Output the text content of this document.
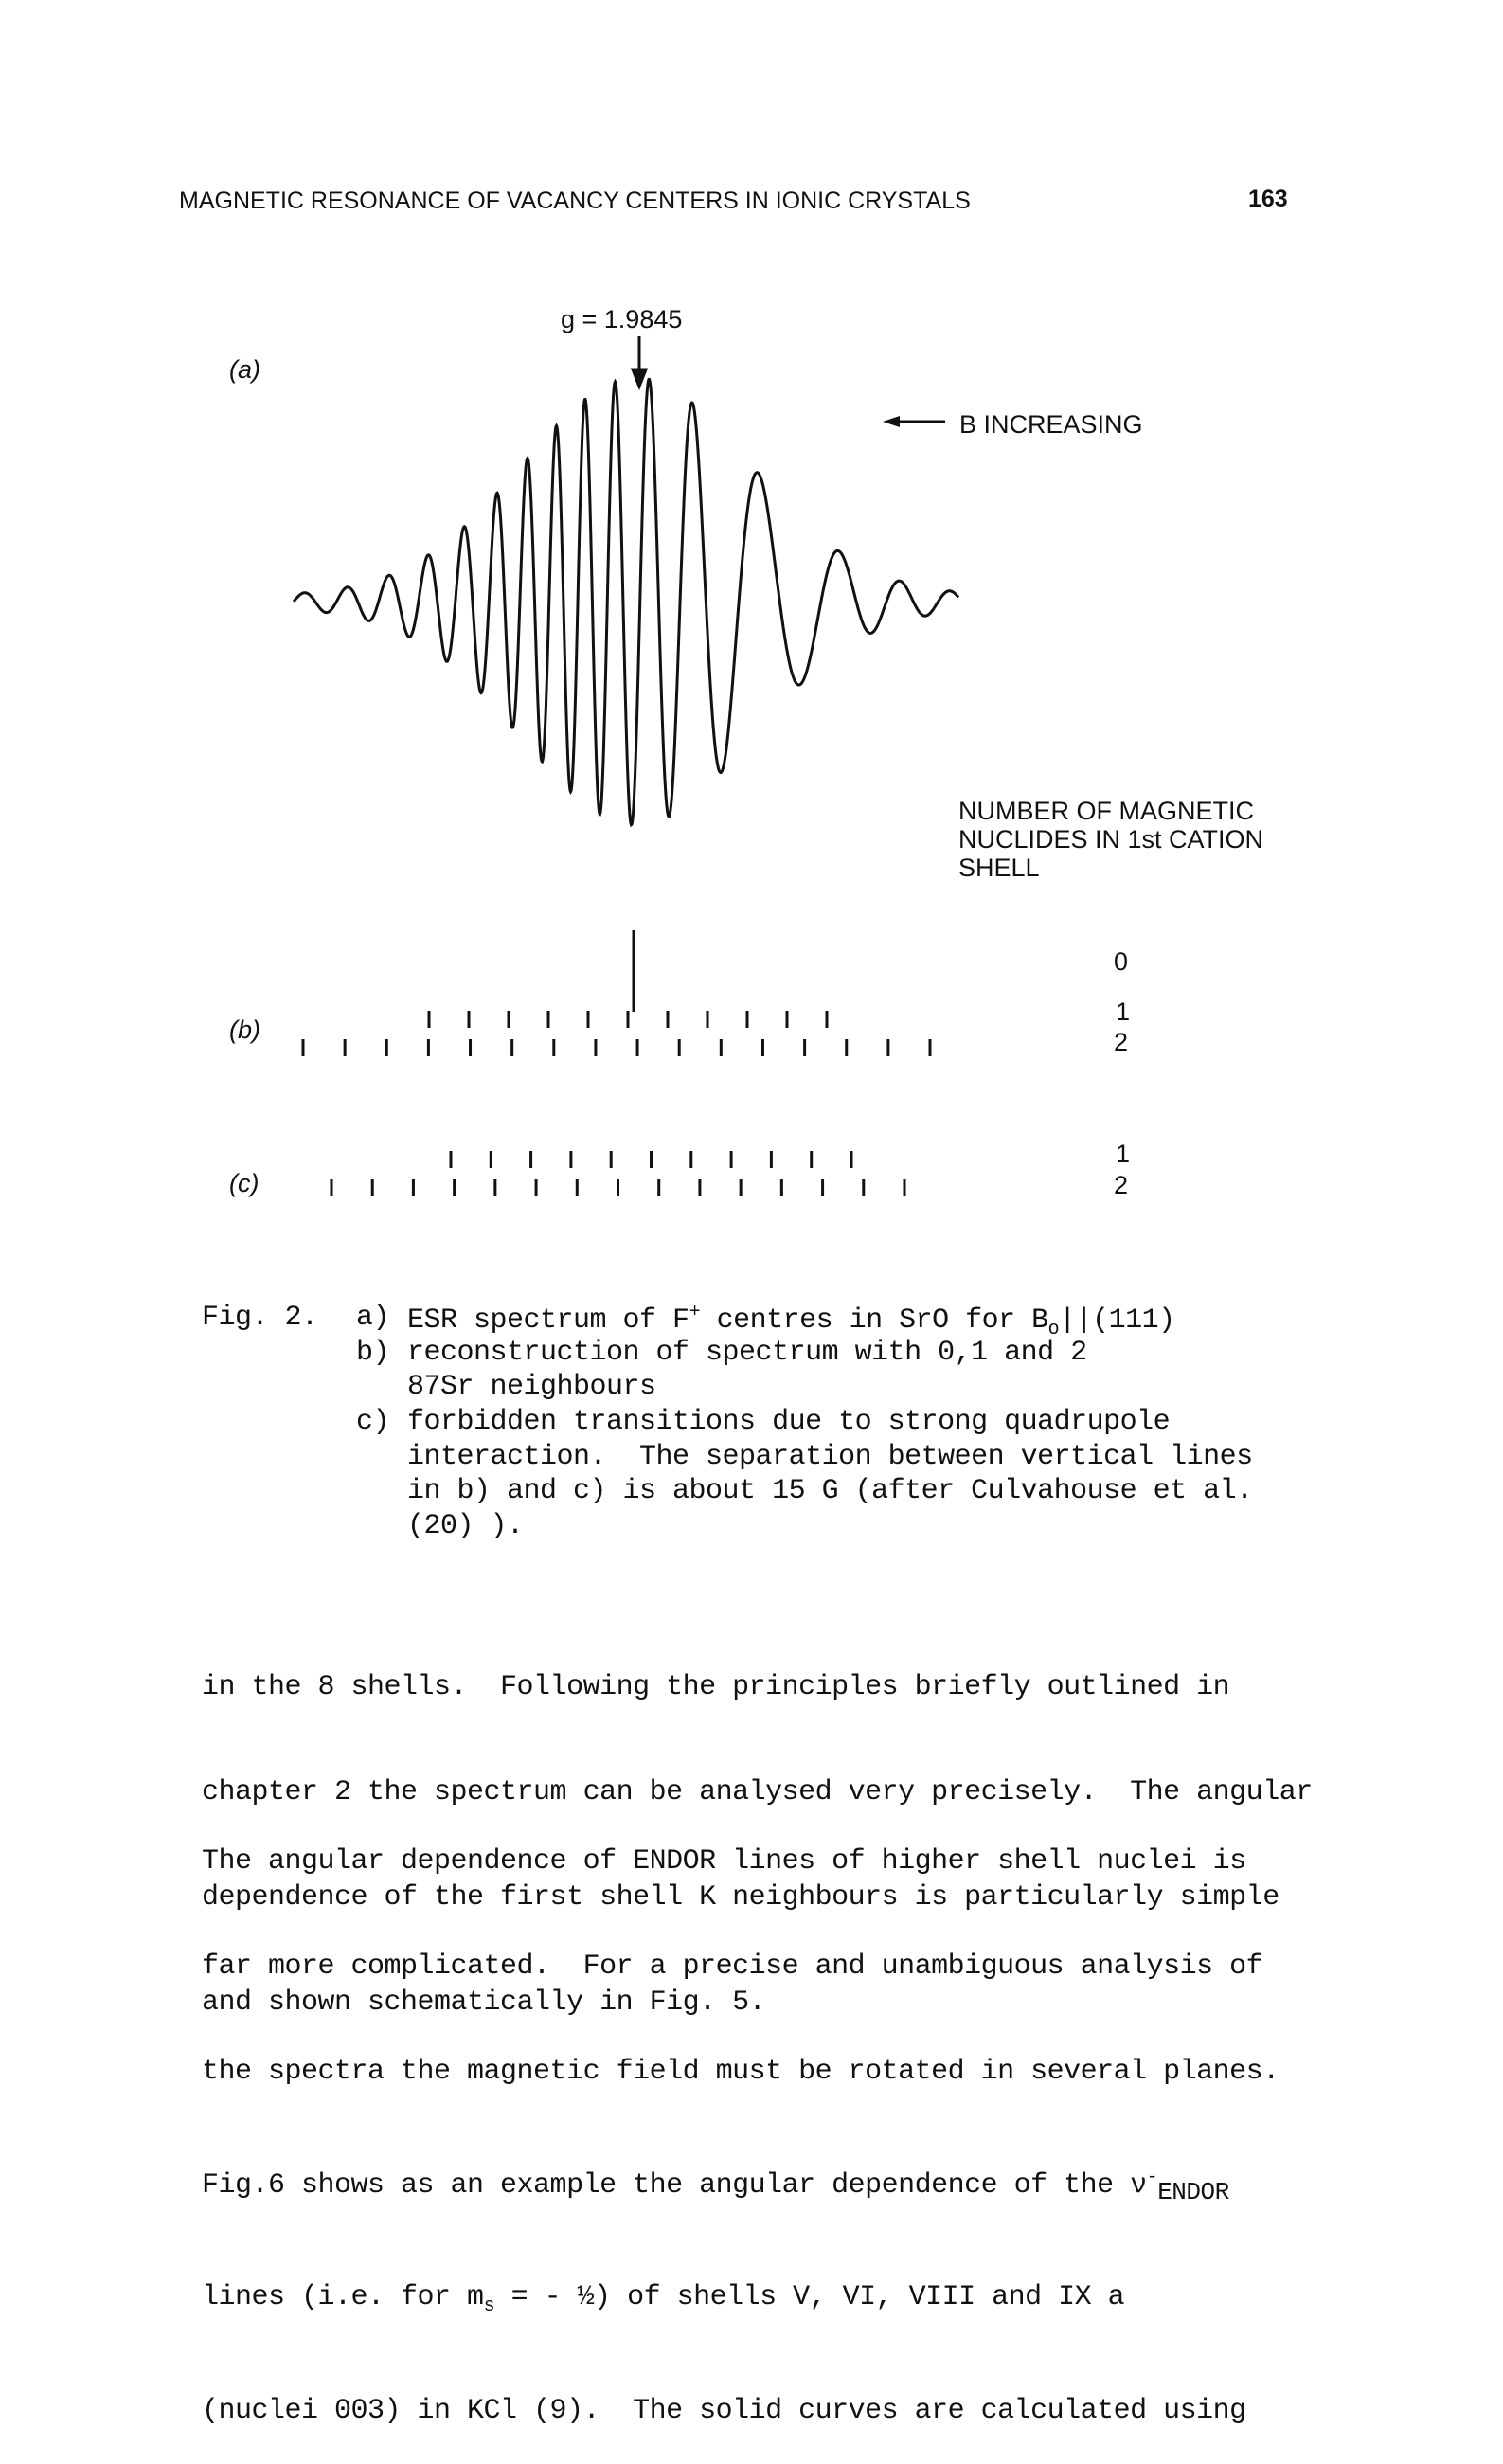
MAGNETIC RESONANCE OF VACANCY CENTERS IN IONIC CRYSTALS	163
(a)
g = 1.9845
B INCREASING
NUMBER OF MAGNETIC
NUCLIDES IN 1st CATION
SHELL
0
1
2
(b)
1
2
(c)
Fig. 2. a) ESR spectrum of F+ centres in SrO for $B_o||(111)$
b) reconstruction of spectrum with 0,1 and 2
87Sr neighbours
c) forbidden transitions due to strong quadrupole
interaction.  The separation between vertical lines
in b) and c) is about 15 G (after Culvahouse et al.
(20) ).

in the 8 shells.  Following the principles briefly outlined in

chapter 2 the spectrum can be analysed very precisely.  The angular

dependence of the first shell K neighbours is particularly simple

and shown schematically in Fig. 5.

The angular dependence of ENDOR lines of higher shell nuclei is

far more complicated.  For a precise and unambiguous analysis of

the spectra the magnetic field must be rotated in several planes.

Fig.6 shows as an example the angular dependence of the $\nu^-_{ENDOR}$

lines (i.e. for $m_s$ = - ½) of shells V, VI, VIII and IX a

(nuclei 003) in KCl (9).  The solid curves are calculated using
